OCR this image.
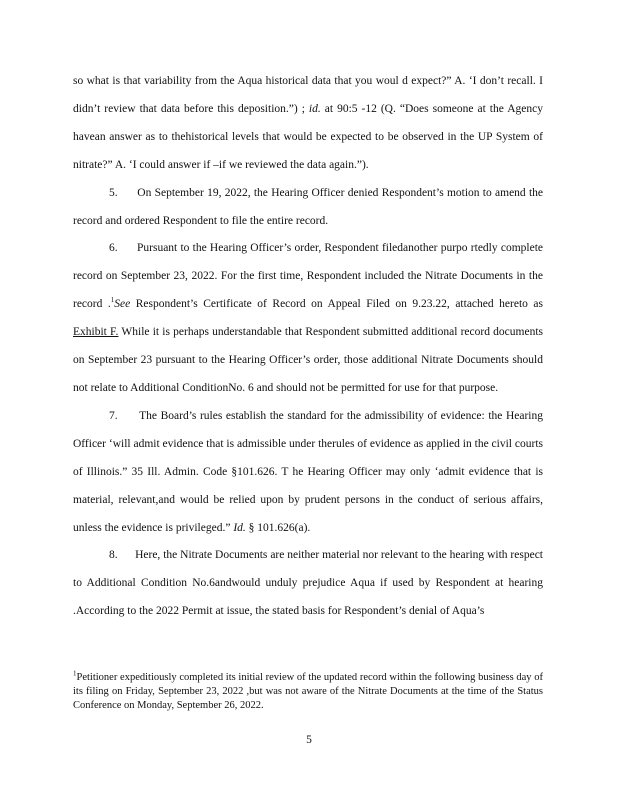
so what is that variability from the Aqua historical data that you woul d expect?” A. ‘I don’t recall. I didn’t review that data before this deposition.”) ; id. at 90:5 -12 (Q. “Does someone at the Agency havean answer as to thehistorical levels that would be expected to be observed in the UP System of nitrate?” A. ‘I could answer if –if we reviewed the data again.”).

5. On September 19, 2022, the Hearing Officer denied Respondent’s motion to amend the record and ordered Respondent to file the entire record.

6. Pursuant to the Hearing Officer’s order, Respondent filedanother purpo rtedly complete record on September 23, 2022. For the first time, Respondent included the Nitrate Documents in the record .$^1$See Respondent’s Certificate of Record on Appeal Filed on 9.23.22, attached hereto as Exhibit F. While it is perhaps understandable that Respondent submitted additional record documents on September 23 pursuant to the Hearing Officer’s order, those additional Nitrate Documents should not relate to Additional ConditionNo. 6 and should not be permitted for use for that purpose.

7. The Board’s rules establish the standard for the admissibility of evidence: the Hearing Officer ‘will admit evidence that is admissible under therules of evidence as applied in the civil courts of Illinois.” 35 Ill. Admin. Code §101.626. T he Hearing Officer may only ‘admit evidence that is material, relevant,and would be relied upon by prudent persons in the conduct of serious affairs, unless the evidence is privileged.” Id. § 101.626(a).

8. Here, the Nitrate Documents are neither material nor relevant to the hearing with respect to Additional Condition No.6andwould unduly prejudice Aqua if used by Respondent at hearing .According to the 2022 Permit at issue, the stated basis for Respondent’s denial of Aqua’s

$^1$Petitioner expeditiously completed its initial review of the updated record within the following business day of its filing on Friday, September 23, 2022 ,but was not aware of the Nitrate Documents at the time of the Status Conference on Monday, September 26, 2022.
5
